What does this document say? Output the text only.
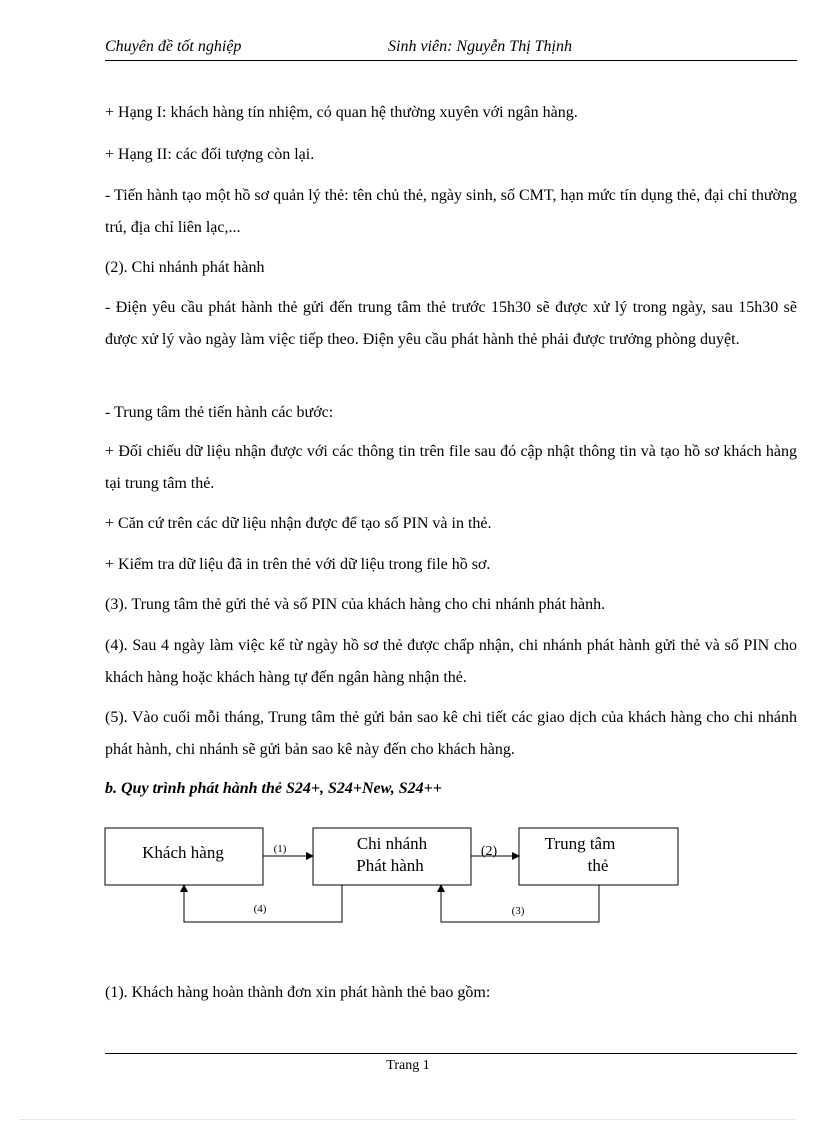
Chuyên đề tốt nghiệp	Sinh viên: Nguyễn Thị Thịnh

+ Hạng I: khách hàng tín nhiệm, có quan hệ thường xuyên với ngân hàng.

+ Hạng II: các đối tượng còn lại.

- Tiến hành tạo một hồ sơ quản lý thẻ: tên chủ thẻ, ngày sinh, số CMT, hạn mức tín dụng thẻ, đại chỉ thường trú, địa chỉ liên lạc,...

(2). Chi nhánh phát hành

- Điện yêu cầu phát hành thẻ gửi đến trung tâm thẻ trước 15h30 sẽ được xử lý trong ngày, sau 15h30 sẽ được xử lý vào ngày làm việc tiếp theo. Điện yêu cầu phát hành thẻ phải được trưởng phòng duyệt.

- Trung tâm thẻ tiến hành các bước:

+ Đối chiếu dữ liệu nhận được với các thông tin trên file sau đó cập nhật thông tin và tạo hồ sơ khách hàng tại trung tâm thẻ.

+ Căn cứ trên các dữ liệu nhận được để tạo số PIN và in thẻ.

+ Kiểm tra dữ liệu đã in trên thẻ với dữ liệu trong file hồ sơ.

(3). Trung tâm thẻ gửi thẻ và số PIN của khách hàng cho chi nhánh phát hành.

(4). Sau 4 ngày làm việc kể từ ngày hồ sơ thẻ được chấp nhận, chi nhánh phát hành gửi thẻ và số PIN cho khách hàng hoặc khách hàng tự đến ngân hàng nhận thẻ.

(5). Vào cuối mỗi tháng, Trung tâm thẻ gửi bản sao kê chi tiết các giao dịch của khách hàng cho chi nhánh phát hành, chi nhánh sẽ gửi bản sao kê này đến cho khách hàng.

b. Quy trình phát hành thẻ S24+, S24+New, S24++

Khách hàng	Chi nhánh
Phát hành
Trung tâm
thẻ
(1)	(2)
(3)
(4)

(1). Khách hàng hoàn thành đơn xin phát hành thẻ bao gồm:

Trang 1
